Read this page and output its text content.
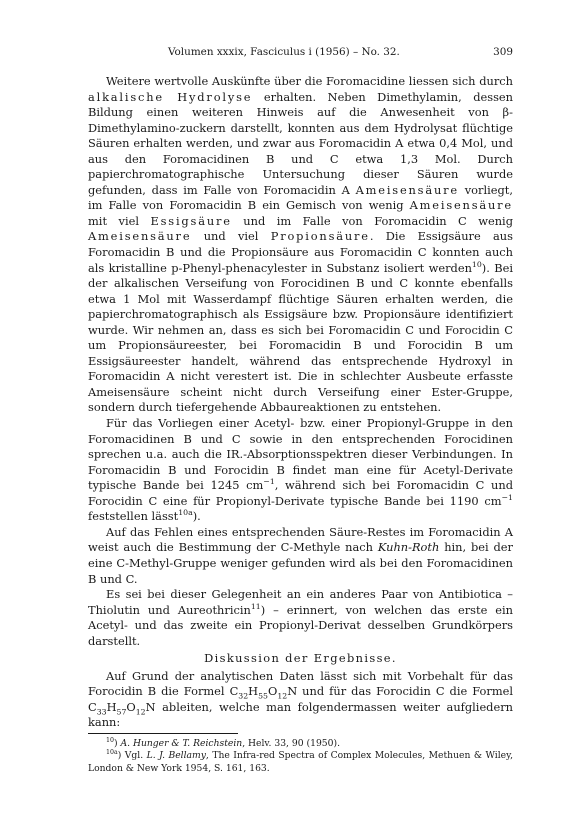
Volumen xxxix, Fasciculus i (1956) – No. 32.	309

Weitere wertvolle Auskünfte über die Foromacidine liessen sich durch alkalische Hydrolyse erhalten. Neben Dimethylamin, dessen Bildung einen weiteren Hinweis auf die Anwesenheit von β-Dimethylamino-zuckern darstellt, konnten aus dem Hydrolysat flüchtige Säuren erhalten werden, und zwar aus Foromacidin A etwa 0,4 Mol, und aus den Foromacidinen B und C etwa 1,3 Mol. Durch papierchromatographische Untersuchung dieser Säuren wurde gefunden, dass im Falle von Foromacidin A Ameisensäure vorliegt, im Falle von Foromacidin B ein Gemisch von wenig Ameisensäure mit viel Essigsäure und im Falle von Foromacidin C wenig Ameisensäure und viel Propionsäure. Die Essigsäure aus Foromacidin B und die Propionsäure aus Foromacidin C konnten auch als kristalline p-Phenyl-phenacylester in Substanz isoliert werden$^{10}$). Bei der alkalischen Verseifung von Forocidinen B und C konnte ebenfalls etwa 1 Mol mit Wasserdampf flüchtige Säuren erhalten werden, die papierchromatographisch als Essigsäure bzw. Propionsäure identifiziert wurde. Wir nehmen an, dass es sich bei Foromacidin C und Forocidin C um Propionsäureester, bei Foromacidin B und Forocidin B um Essigsäureester handelt, während das entsprechende Hydroxyl in Foromacidin A nicht verestert ist. Die in schlechter Ausbeute erfasste Ameisensäure scheint nicht durch Verseifung einer Ester-Gruppe, sondern durch tiefergehende Abbaureaktionen zu entstehen.

Für das Vorliegen einer Acetyl- bzw. einer Propionyl-Gruppe in den Foromacidinen B und C sowie in den entsprechenden Forocidinen sprechen u.a. auch die IR.-Absorptionsspektren dieser Verbindungen. In Foromacidin B und Forocidin B findet man eine für Acetyl-Derivate typische Bande bei 1245 $cm^{-1}$, während sich bei Foromacidin C und Forocidin C eine für Propionyl-Derivate typische Bande bei 1190 $cm^{-1}$ feststellen lässt$^{10a}$).

Auf das Fehlen eines entsprechenden Säure-Restes im Foromacidin A weist auch die Bestimmung der C-Methyle nach Kuhn-Roth hin, bei der eine C-Methyl-Gruppe weniger gefunden wird als bei den Foromacidinen B und C.

Es sei bei dieser Gelegenheit an ein anderes Paar von Antibiotica – Thiolutin und Aureothricin$^{11}$) – erinnert, von welchen das erste ein Acetyl- und das zweite ein Propionyl-Derivat desselben Grundkörpers darstellt.

Diskussion der Ergebnisse.

Auf Grund der analytischen Daten lässt sich mit Vorbehalt für das Forocidin B die Formel $C_{32}H_{55}O_{12}N$ und für das Forocidin C die Formel $C_{33}H_{57}O_{12}N$ ableiten, welche man folgendermassen weiter aufgliedern kann:

$^{10}$) A. Hunger & T. Reichstein, Helv. 33, 90 (1950).

$^{10a}$) Vgl. L. J. Bellamy, The Infra-red Spectra of Complex Molecules, Methuen & Wiley, London & New York 1954, S. 161, 163.
